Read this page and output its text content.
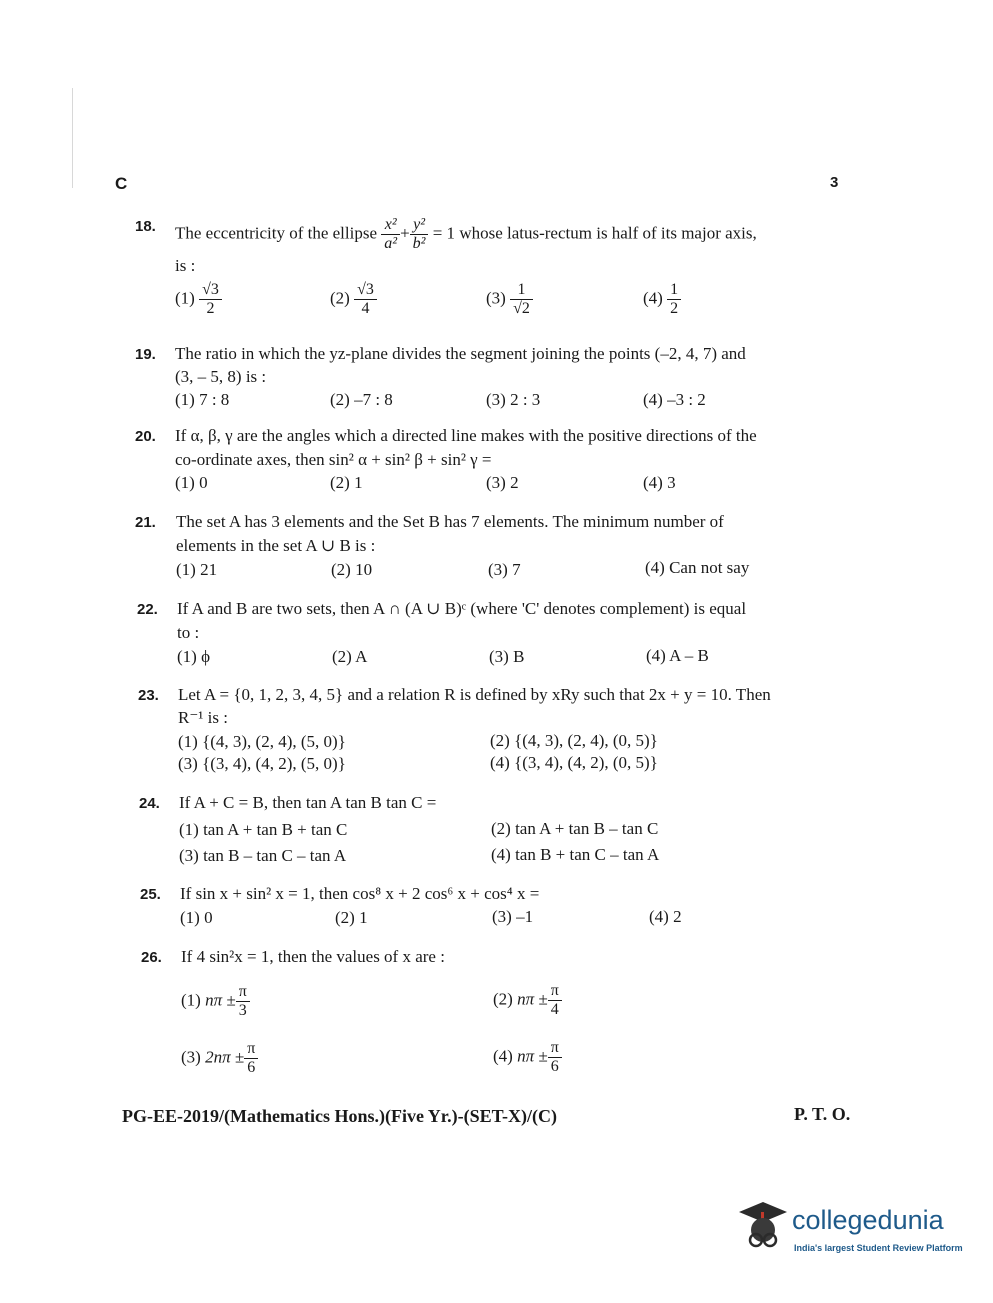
C	3
18. The eccentricity of the ellipse $\frac{\text{x²}}{\text{a²}} + \frac{\text{y²}}{\text{b²}} = 1$ whose latus-rectum is half of its major axis,
is :
$(1) \frac{√3}{2}$	$(2) \frac{√3}{4}$	$(3) \frac{1}{√2}$	$(4) \frac{1}{2}$
19. The ratio in which the yz-plane divides the segment joining the points (–2, 4, 7) and
(3, – 5, 8) is :
(1) 7 : 8	(2) –7 : 8	(3) 2 : 3	(4) –3 : 2
20. If α, β, γ are the angles which a directed line makes with the positive directions of the
co-ordinate axes, then sin² α + sin² β + sin² γ =
(1) 0	(2) 1	(3) 2	(4) 3
21. The set A has 3 elements and the Set B has 7 elements. The minimum number of
elements in the set A ∪ B is :
(1) 21	(2) 10	(3) 7	(4) Can not say
22. If A and B are two sets, then A ∩ (A ∪ B)ᶜ (where 'C' denotes complement) is equal
to :
(1) ϕ	(2) A	(3) B	(4) A – B
23. Let A = {0, 1, 2, 3, 4, 5} and a relation R is defined by xRy such that 2x + y = 10. Then
R⁻¹ is :
(1) {(4, 3), (2, 4), (5, 0)}	(2) {(4, 3), (2, 4), (0, 5)}
(3) {(3, 4), (4, 2), (5, 0)}	(4) {(3, 4), (4, 2), (0, 5)}
24. If A + C = B, then tan A tan B tan C =
(1) tan A + tan B + tan C	(2) tan A + tan B – tan C
(3) tan B – tan C – tan A	(4) tan B + tan C – tan A
25. If sin x + sin² x = 1, then cos⁸ x + 2 cos⁶ x + cos⁴ x =
(1) 0	(2) 1	(3) –1	(4) 2
26. If 4 sin²x = 1, then the values of x are :
(1) $n\pi \pm \frac{\pi}{3}$	(2) $n\pi \pm \frac{\pi}{4}$
(3) $2n\pi \pm \frac{\pi}{6}$	(4) $n\pi \pm \frac{\pi}{6}$
PG-EE-2019/(Mathematics Hons.)(Five Yr.)-(SET-X)/(C)	P. T. O.
collegedunia
India's largest Student Review Platform
